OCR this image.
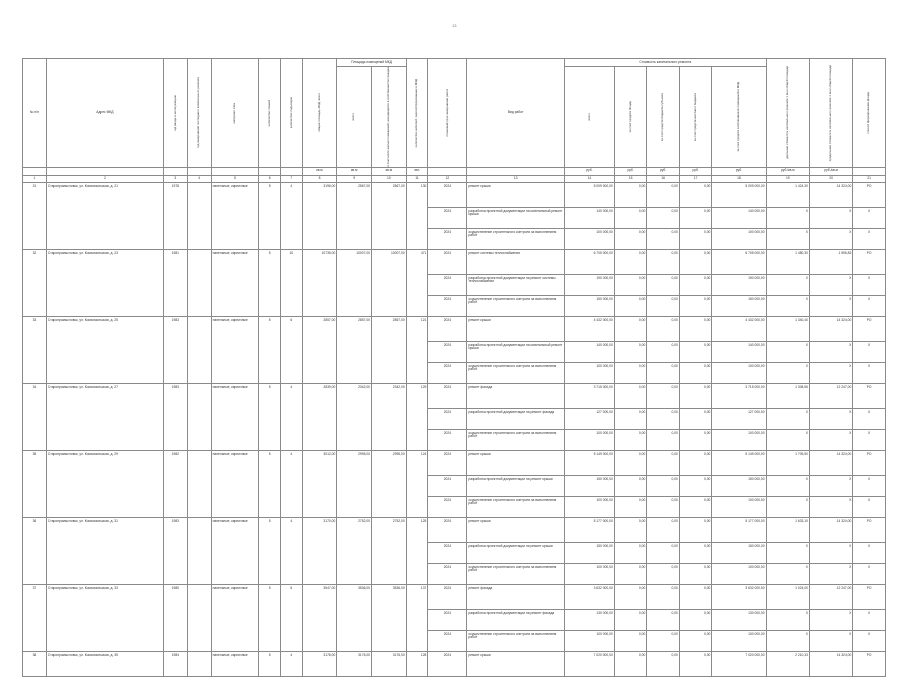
13
№ п/п	Адрес МКД	год ввода в эксплуатацию	год завершения последнего капитального ремонта	материал стен	количество этажей	количество подъездов	общая площадь МКД, всего	Площадь помещений МКД		количество жителей, зарегистрированных в МКД	плановый срок завершения работ	Вид работ	Стоимость капитального ремонта					удельная стоимость капитального ремонта 1 кв.м общей площади	предельная стоимость капитального ремонта 1 кв.м общей площади	способ формирования фонда

								всего	в том числе жилых помещений, находящихся в собственности граждан				всего	за счет средств Фонда	за счет средств бюджета субъекта	за счет средств местного бюджета	за счет средств собственников помещений в МКД			

							кв.м	кв.м	кв.м	чел.			руб.	руб.	руб.	руб.	руб.	руб./кв.м	руб./кв.м	
1	2	3	4	5	6	7	8	9	10	11	12	13	14	15	16	17	18	19	20	21
31	Старопромысловск, ул. Комсомольская, д. 21	1978		панельные, кирпичные	5	4	3196,00	2567,00	2567,00	130	2024	ремонт крыши	5 009 000,00	0,00	0,00	0,00	5 009 000,00	1 424,30	14 324,00	РО
											2024	разработка проектной документации на капитальный ремонт крыши	140 000,00	0,00	0,00	0,00	140 000,00	X	X	X
											2024	осуществление строительного контроля за выполнением работ	100 000,00	0,00	0,00	0,00	100 000,00	X	X	X
32	Старопромысловск, ул. Комсомольская, д. 23	1981		панельные, кирпичные	5	10	10735,00	10007,00	10007,00	471	2024	ремонт системы теплоснабжения	6 705 000,00	0,00	0,00	0,00	6 705 000,00	1 480,30	1 596,83	РО
											2024	разработка проектной документации на ремонт системы теплоснабжения	190 000,00	0,00	0,00	0,00	190 000,00	X	X	X
											2024	осуществление строительного контроля за выполнением работ	150 000,00	0,00	0,00	0,00	150 000,00	X	X	X
33	Старопромысловск, ул. Комсомольская, д. 25	1983		панельные, кирпичные	5	6	2857,00	2857,00	2857,00	121	2024	ремонт крыши	4 432 000,00	0,00	0,00	0,00	4 432 000,00	1 340,40	14 324,00	РО
											2024	разработка проектной документации на капитальный ремонт крыши	140 000,00	0,00	0,00	0,00	140 000,00	X	X	X
											2024	осуществление строительного контроля за выполнением работ	100 000,00	0,00	0,00	0,00	100 000,00	X	X	X
34	Старопромысловск, ул. Комсомольская, д. 27	1983		панельные, кирпичные	5	4	2839,00	2342,00	2342,00	129	2024	ремонт фасада	3 715 000,00	0,00	0,00	0,00	3 715 000,00	1 308,56	12 247,00	РО
											2024	разработка проектной документации на ремонт фасада	127 000,00	0,00	0,00	0,00	127 000,00	X	X	X
											2024	осуществление строительного контроля за выполнением работ	100 000,00	0,00	0,00	0,00	100 000,00	X	X	X
35	Старопромысловск, ул. Комсомольская, д. 29	1982		панельные, кирпичные	5	4	3012,00	2995,00	2995,00	124	2024	ремонт крыши	5 149 000,00	0,00	0,00	0,00	5 149 000,00	1 709,50	14 324,00	РО
											2024	разработка проектной документации на ремонт крыши	150 000,00	0,00	0,00	0,00	150 000,00	X	X	X
											2024	осуществление строительного контроля за выполнением работ	100 000,00	0,00	0,00	0,00	100 000,00	X	X	X
36	Старопромысловск, ул. Комсомольская, д. 31	1983		панельные, кирпичные	5	4	3170,00	2752,00	2752,00	125	2024	ремонт крыши	5 177 000,00	0,00	0,00	0,00	5 177 000,00	1 633,10	14 324,00	РО
											2024	разработка проектной документации на ремонт крыши	150 000,00	0,00	0,00	0,00	150 000,00	X	X	X
											2024	осуществление строительного контроля за выполнением работ	100 000,00	0,00	0,00	0,00	100 000,00	X	X	X
37	Старопромысловск, ул. Комсомольская, д. 33	1980		панельные, кирпичные	5	6	3547,00	3536,00	3536,00	137	2024	ремонт фасада	3 632 000,00	0,00	0,00	0,00	3 632 000,00	1 024,00	12 247,00	РО
											2024	разработка проектной документации на ремонт фасада	130 000,00	0,00	0,00	0,00	130 000,00	X	X	X
											2024	осуществление строительного контроля за выполнением работ	100 000,00	0,00	0,00	0,00	100 000,00	X	X	X
38	Старопромысловск, ул. Комсомольская, д. 35	1984		панельные, кирпичные	5	4	3176,00	3176,00	3176,00	128	2024	ремонт крыши	7 020 000,00	0,00	0,00	0,00	7 020 000,00	2 210,33	14 324,00	РО
